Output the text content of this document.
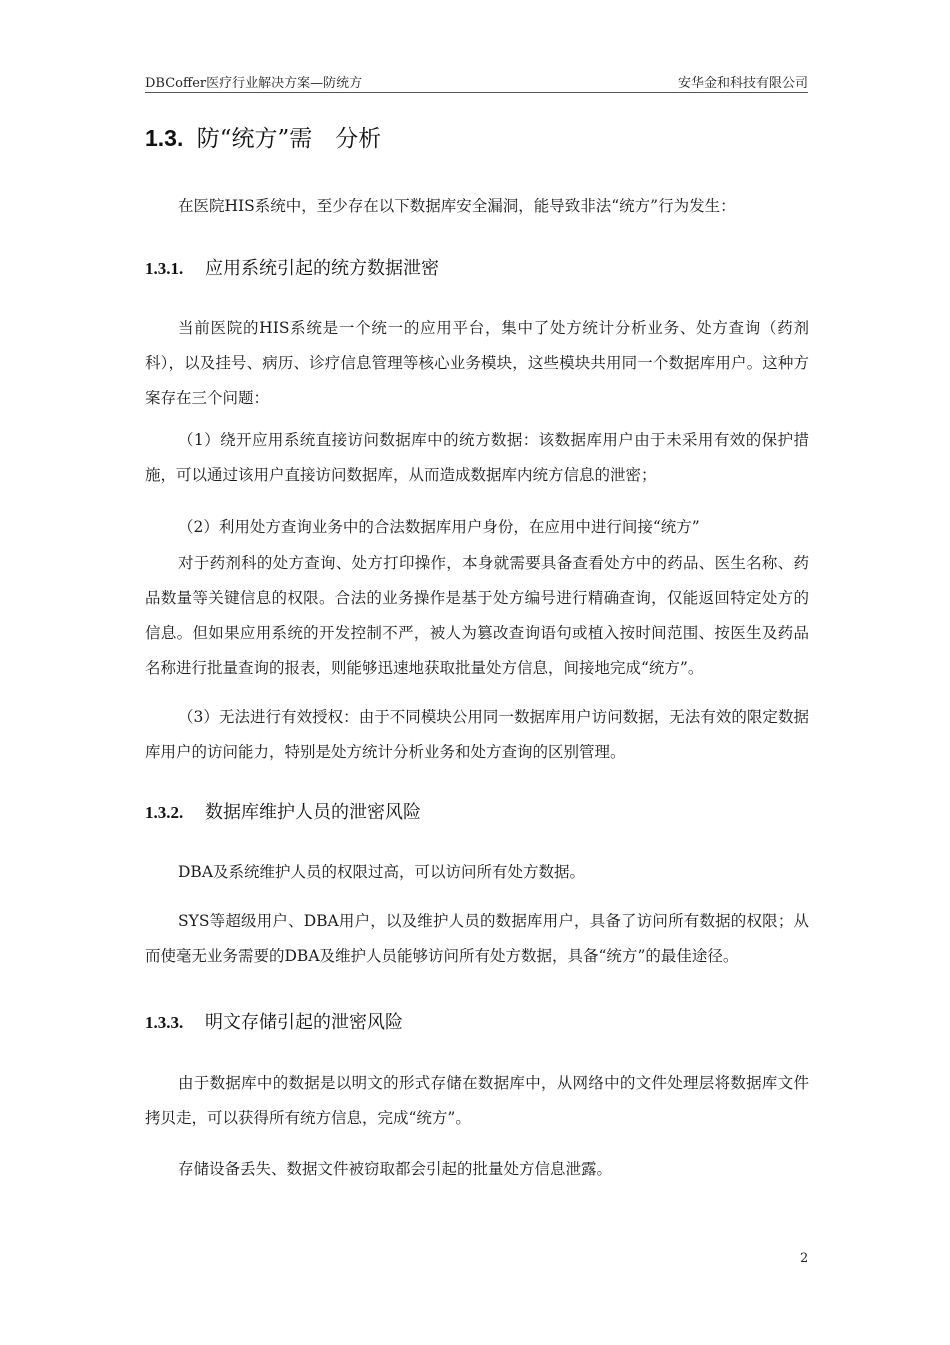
DBCoffer医疗行业解决方案—防统方	安华金和科技有限公司
1.3. 防“统方”需　分析
在医院HIS系统中，至少存在以下数据库安全漏洞，能导致非法“统方”行为发生：
1.3.1. 应用系统引起的统方数据泄密
当前医院的HIS系统是一个统一的应用平台，集中了处方统计分析业务、处方查询（药剂科），以及挂号、病历、诊疗信息管理等核心业务模块，这些模块共用同一个数据库用户。这种方案存在三个问题：
（1）绕开应用系统直接访问数据库中的统方数据：该数据库用户由于未采用有效的保护措施，可以通过该用户直接访问数据库，从而造成数据库内统方信息的泄密；
（2）利用处方查询业务中的合法数据库用户身份，在应用中进行间接“统方”
对于药剂科的处方查询、处方打印操作，本身就需要具备查看处方中的药品、医生名称、药品数量等关键信息的权限。合法的业务操作是基于处方编号进行精确查询，仅能返回特定处方的信息。但如果应用系统的开发控制不严，被人为篡改查询语句或植入按时间范围、按医生及药品名称进行批量查询的报表，则能够迅速地获取批量处方信息，间接地完成“统方”。
（3）无法进行有效授权：由于不同模块公用同一数据库用户访问数据，无法有效的限定数据库用户的访问能力，特别是处方统计分析业务和处方查询的区别管理。
1.3.2. 数据库维护人员的泄密风险
DBA及系统维护人员的权限过高，可以访问所有处方数据。
SYS等超级用户、DBA用户，以及维护人员的数据库用户，具备了访问所有数据的权限；从而使毫无业务需要的DBA及维护人员能够访问所有处方数据，具备“统方”的最佳途径。
1.3.3. 明文存储引起的泄密风险
由于数据库中的数据是以明文的形式存储在数据库中，从网络中的文件处理层将数据库文件拷贝走，可以获得所有统方信息，完成“统方”。
存储设备丢失、数据文件被窃取都会引起的批量处方信息泄露。
2
